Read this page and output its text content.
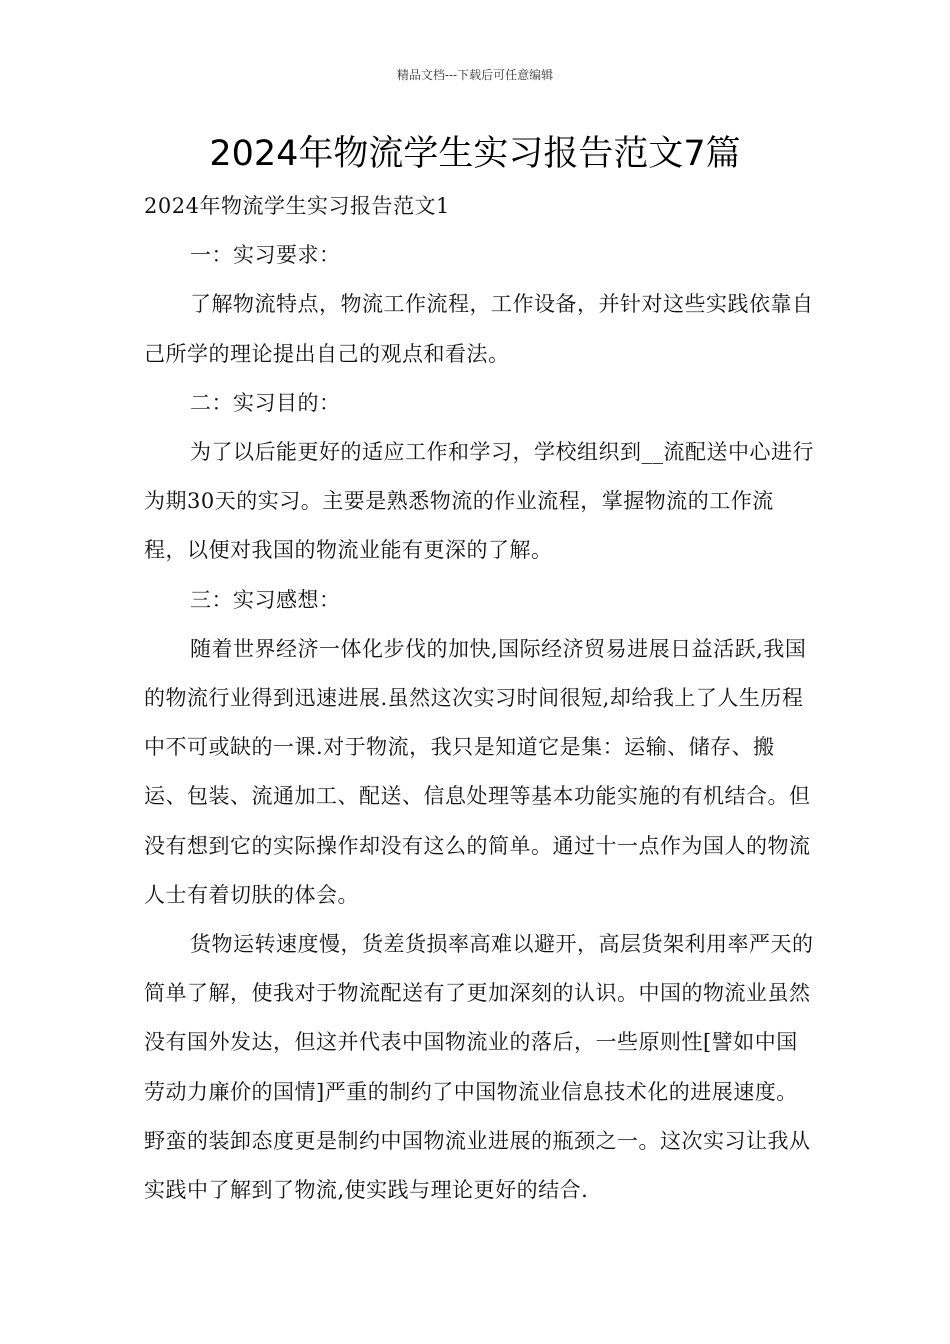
精品文档---下载后可任意编辑
2024年物流学生实习报告范文7篇

2024年物流学生实习报告范文1

一：实习要求：

了解物流特点，物流工作流程，工作设备，并针对这些实践依靠自己所学的理论提出自己的观点和看法。

二：实习目的：

为了以后能更好的适应工作和学习，学校组织到__流配送中心进行为期30天的实习。主要是熟悉物流的作业流程，掌握物流的工作流程，以便对我国的物流业能有更深的了解。

三：实习感想：

随着世界经济一体化步伐的加快,国际经济贸易进展日益活跃,我国的物流行业得到迅速进展.虽然这次实习时间很短,却给我上了人生历程中不可或缺的一课.对于物流，我只是知道它是集：运输、储存、搬运、包装、流通加工、配送、信息处理等基本功能实施的有机结合。但没有想到它的实际操作却没有这么的简单。通过十一点作为国人的物流人士有着切肤的体会。

货物运转速度慢，货差货损率高难以避开，高层货架利用率严天的简单了解，使我对于物流配送有了更加深刻的认识。中国的物流业虽然没有国外发达，但这并代表中国物流业的落后，一些原则性[譬如中国劳动力廉价的国情]严重的制约了中国物流业信息技术化的进展速度。野蛮的装卸态度更是制约中国物流业进展的瓶颈之一。这次实习让我从实践中了解到了物流,使实践与理论更好的结合.
